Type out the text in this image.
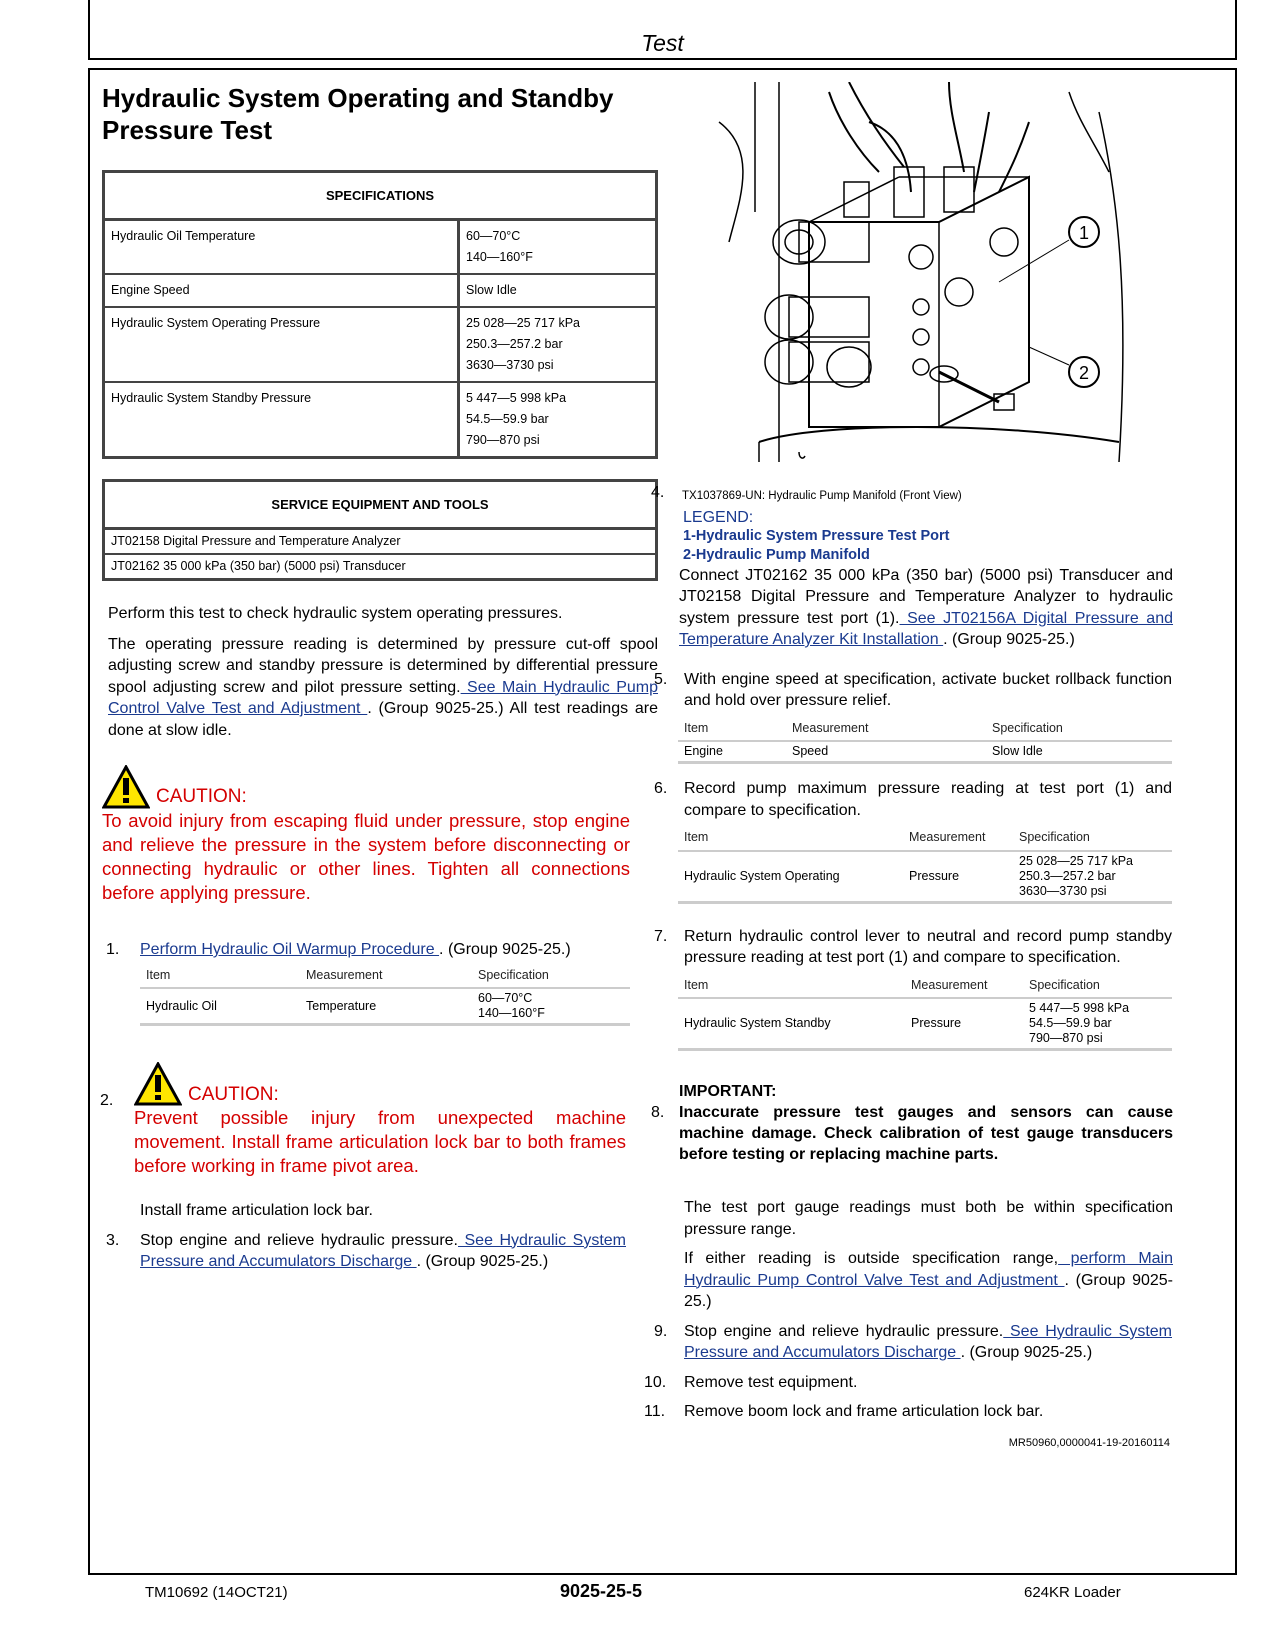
Test
Hydraulic System Operating and Standby Pressure Test
SPECIFICATIONS	
Hydraulic Oil Temperature	60—70°C
140—160°F

Engine Speed	Slow Idle

Hydraulic System Operating Pressure	25 028—25 717 kPa
250.3—257.2 bar
3630—3730 psi

Hydraulic System Standby Pressure	5 447—5 998 kPa
54.5—59.9 bar
790—870 psi
SERVICE EQUIPMENT AND TOOLS
JT02158 Digital Pressure and Temperature Analyzer
JT02162 35 000 kPa (350 bar) (5000 psi) Transducer

Perform this test to check hydraulic system operating pressures.

The operating pressure reading is determined by pressure cut-off spool adjusting screw and standby pressure is determined by differential pressure spool adjusting screw and pilot pressure setting. See Main Hydraulic Pump Control Valve Test and Adjustment . (Group 9025-25.) All test readings are done at slow idle.

CAUTION:

To avoid injury from escaping fluid under pressure, stop engine and relieve the pressure in the system before disconnecting or connecting hydraulic or other lines. Tighten all connections before applying pressure.

1. Perform Hydraulic Oil Warmup Procedure . (Group 9025-25.)
Item	Measurement	Specification
Hydraulic Oil	Temperature	60—70°C
140—160°F
2.	CAUTION:

Prevent possible injury from unexpected machine movement. Install frame articulation lock bar to both frames before working in frame pivot area.

Install frame articulation lock bar.

3. Stop engine and relieve hydraulic pressure. See Hydraulic System Pressure and Accumulators Discharge . (Group 9025-25.)
1
2
4. TX1037869-UN: Hydraulic Pump Manifold (Front View)
LEGEND:
1-Hydraulic System Pressure Test Port
2-Hydraulic Pump Manifold

Connect JT02162 35 000 kPa (350 bar) (5000 psi) Transducer and JT02158 Digital Pressure and Temperature Analyzer to hydraulic system pressure test port (1). See JT02156A Digital Pressure and Temperature Analyzer Kit Installation . (Group 9025-25.)

5. With engine speed at specification, activate bucket rollback function and hold over pressure relief.
Item	Measurement	Specification
Engine	Speed	Slow Idle
6. Record pump maximum pressure reading at test port (1) and compare to specification.
Item	Measurement	Specification
Hydraulic System Operating	Pressure	25 028—25 717 kPa
250.3—257.2 bar
3630—3730 psi
7. Return hydraulic control lever to neutral and record pump standby pressure reading at test port (1) and compare to specification.
Item	Measurement	Specification
Hydraulic System Standby	Pressure	5 447—5 998 kPa
54.5—59.9 bar
790—870 psi
8.
IMPORTANT:

Inaccurate pressure test gauges and sensors can cause machine damage. Check calibration of test gauge transducers before testing or replacing machine parts.

The test port gauge readings must both be within specification pressure range.

If either reading is outside specification range, perform Main Hydraulic Pump Control Valve Test and Adjustment . (Group 9025-25.)

9. Stop engine and relieve hydraulic pressure. See Hydraulic System Pressure and Accumulators Discharge . (Group 9025-25.)
10. Remove test equipment.
11. Remove boom lock and frame articulation lock bar.
MR50960,0000041-19-20160114
TM10692 (14OCT21)	9025-25-5	624KR Loader
